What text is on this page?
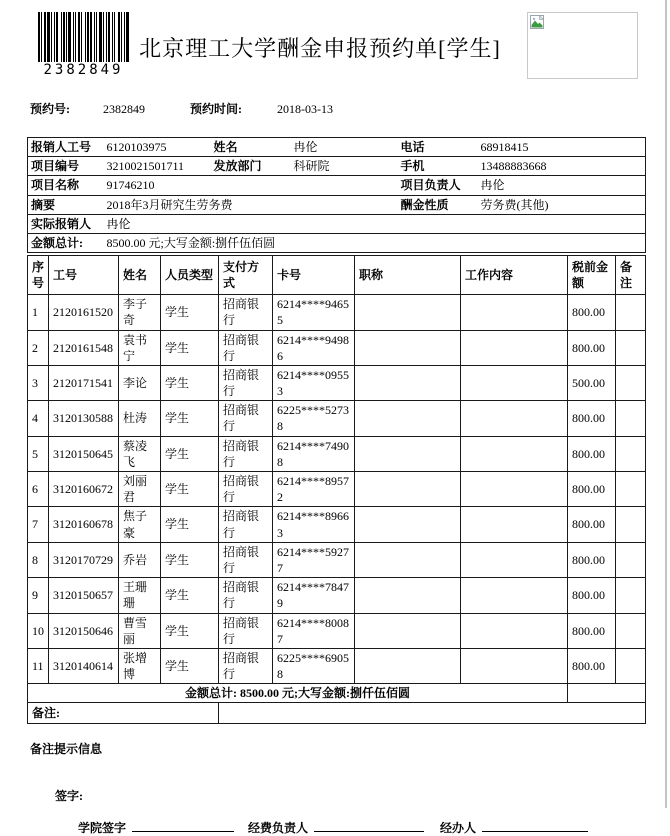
2382849
北京理工大学酬金申报预约单[学生]
预约号:	2382849	预约时间:	2018-03-13
报销人工号	6120103975	姓名	冉伦	电话	68918415
项目编号	3210021501711	发放部门	科研院	手机	13488883668
项目名称	91746210			项目负责人	冉伦
摘要	2018年3月研究生劳务费			酬金性质	劳务费(其他)
实际报销人	冉伦				
金额总计:	8500.00 元;大写金额:捌仟伍佰圆				
序号	工号	姓名	人员类型	支付方式	卡号	职称	工作内容	税前金额	备注
1	2120161520	李子奇	学生	招商银行	6214****94655			800.00	
2	2120161548	袁书宁	学生	招商银行	6214****94986			800.00	
3	2120171541	李论	学生	招商银行	6214****09553			500.00	
4	3120130588	杜涛	学生	招商银行	6225****52738			800.00	
5	3120150645	蔡凌飞	学生	招商银行	6214****74908			800.00	
6	3120160672	刘丽君	学生	招商银行	6214****89572			800.00	
7	3120160678	焦子豪	学生	招商银行	6214****89663			800.00	
8	3120170729	乔岩	学生	招商银行	6214****59277			800.00	
9	3120150657	王珊珊	学生	招商银行	6214****78479			800.00	
10	3120150646	曹雪丽	学生	招商银行	6214****80087			800.00	
11	3120140614	张增博	学生	招商银行	6225****69058			800.00	
金额总计: 8500.00 元;大写金额:捌仟伍佰圆									
备注:									
备注提示信息
签字:
学院签字	经费负责人	经办人
